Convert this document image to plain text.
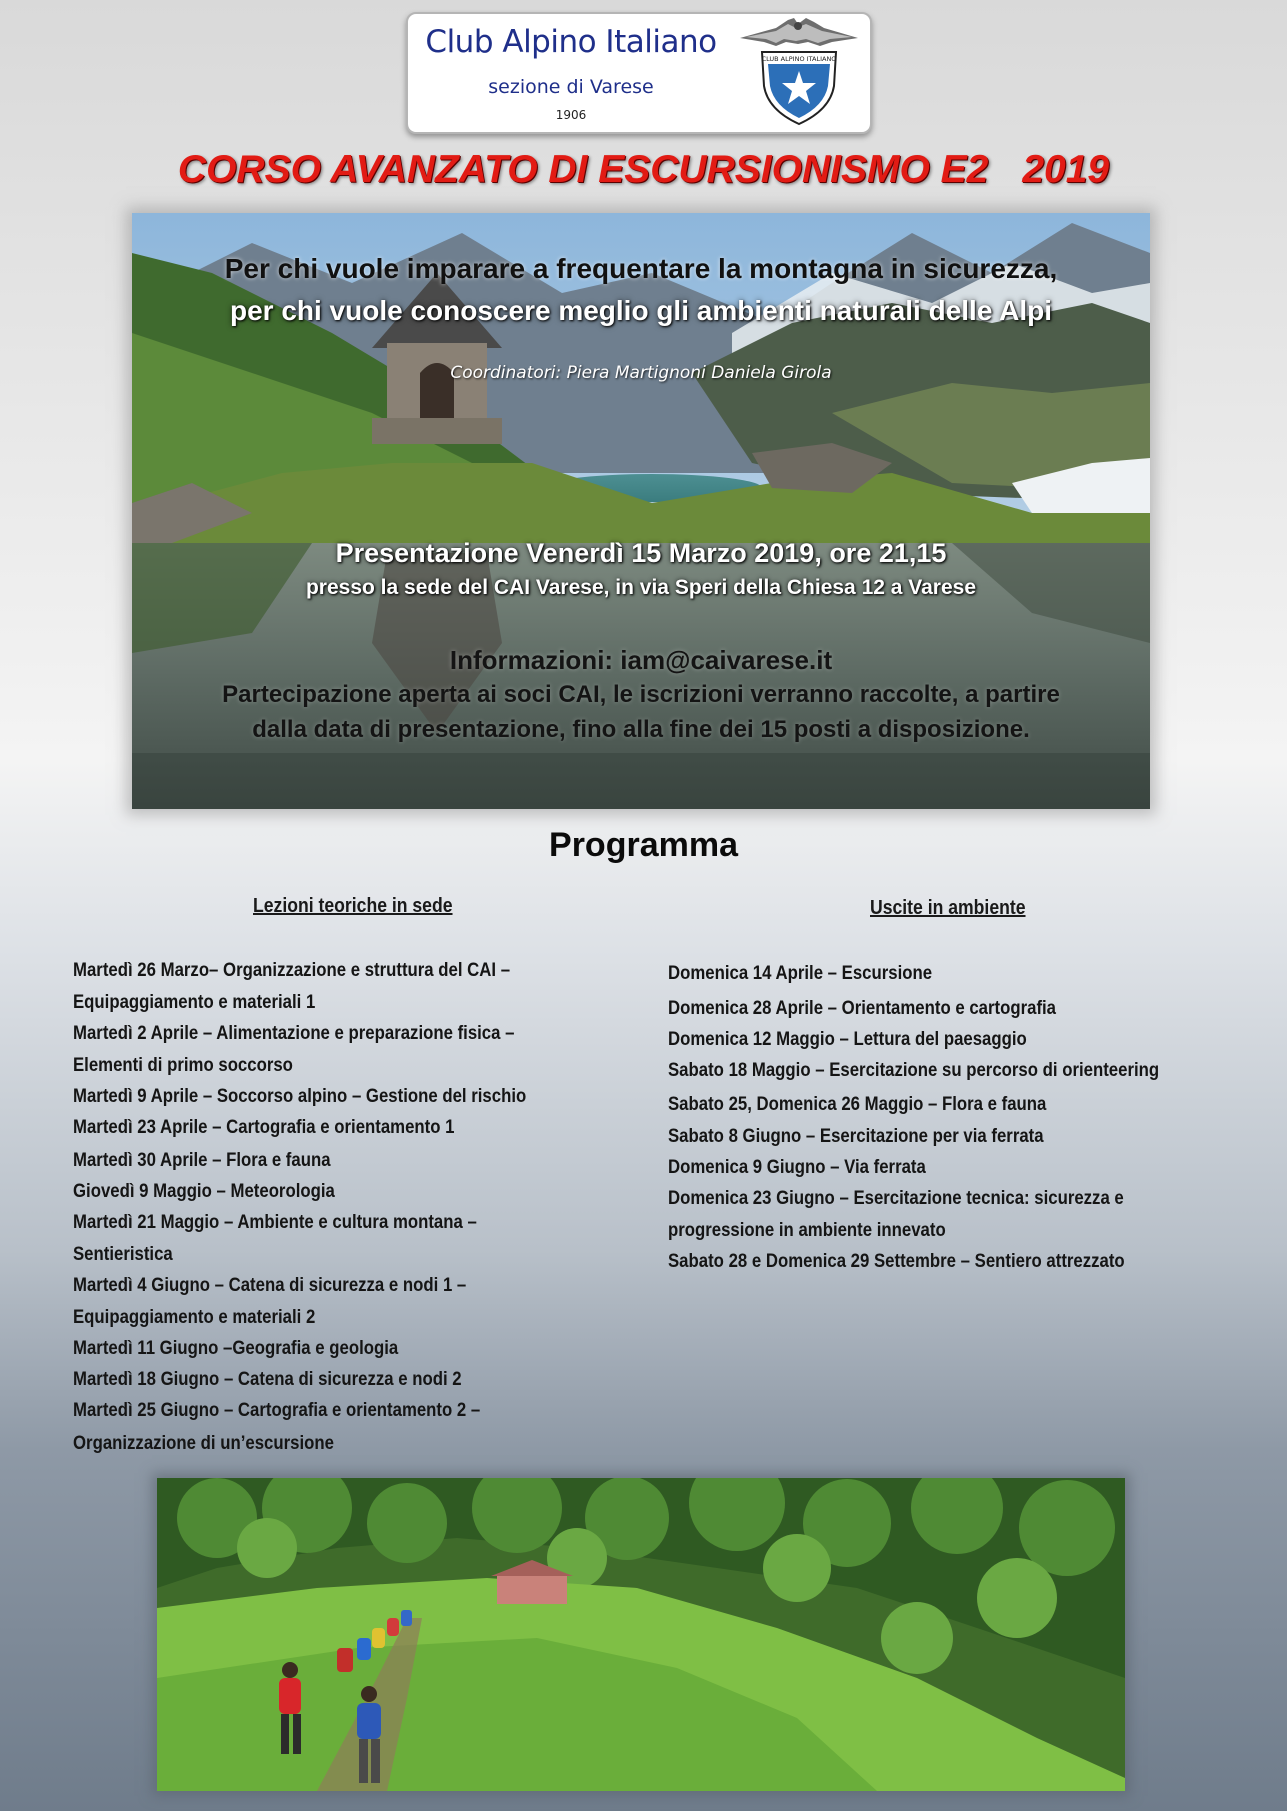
Club Alpino Italiano
sezione di Varese
1906
CLUB ALPINO ITALIANO
CORSO AVANZATO DI ESCURSIONISMO E2 2019
Per chi vuole imparare a frequentare la montagna in sicurezza,
per chi vuole conoscere meglio gli ambienti naturali delle Alpi
Coordinatori: Piera Martignoni Daniela Girola
Presentazione Venerdì 15 Marzo 2019, ore 21,15
presso la sede del CAI Varese, in via Speri della Chiesa 12 a Varese
Informazioni: iam@caivarese.it
Partecipazione aperta ai soci CAI, le iscrizioni verranno raccolte, a partire
dalla data di presentazione, fino alla fine dei 15 posti a disposizione.
Programma
Lezioni teoriche in sede	Uscite in ambiente
Martedì 26 Marzo– Organizzazione e struttura del CAI –
Equipaggiamento e materiali 1
Martedì 2 Aprile – Alimentazione e preparazione fisica –
Elementi di primo soccorso
Martedì 9 Aprile – Soccorso alpino – Gestione del rischio
Martedì 23 Aprile – Cartografia e orientamento 1
Martedì 30 Aprile – Flora e fauna
Giovedì 9 Maggio – Meteorologia
Martedì 21 Maggio – Ambiente e cultura montana –
Sentieristica
Martedì 4 Giugno – Catena di sicurezza e nodi 1 –
Equipaggiamento e materiali 2
Martedì 11 Giugno –Geografia e geologia
Martedì 18 Giugno – Catena di sicurezza e nodi 2
Martedì 25 Giugno – Cartografia e orientamento 2 –
Organizzazione di un’escursione
Domenica 14 Aprile – Escursione
Domenica 28 Aprile – Orientamento e cartografia
Domenica 12 Maggio – Lettura del paesaggio
Sabato 18 Maggio – Esercitazione su percorso di orienteering
Sabato 25, Domenica 26 Maggio – Flora e fauna
Sabato 8 Giugno – Esercitazione per via ferrata
Domenica 9 Giugno – Via ferrata
Domenica 23 Giugno – Esercitazione tecnica: sicurezza e
progressione in ambiente innevato
Sabato 28 e Domenica 29 Settembre – Sentiero attrezzato
